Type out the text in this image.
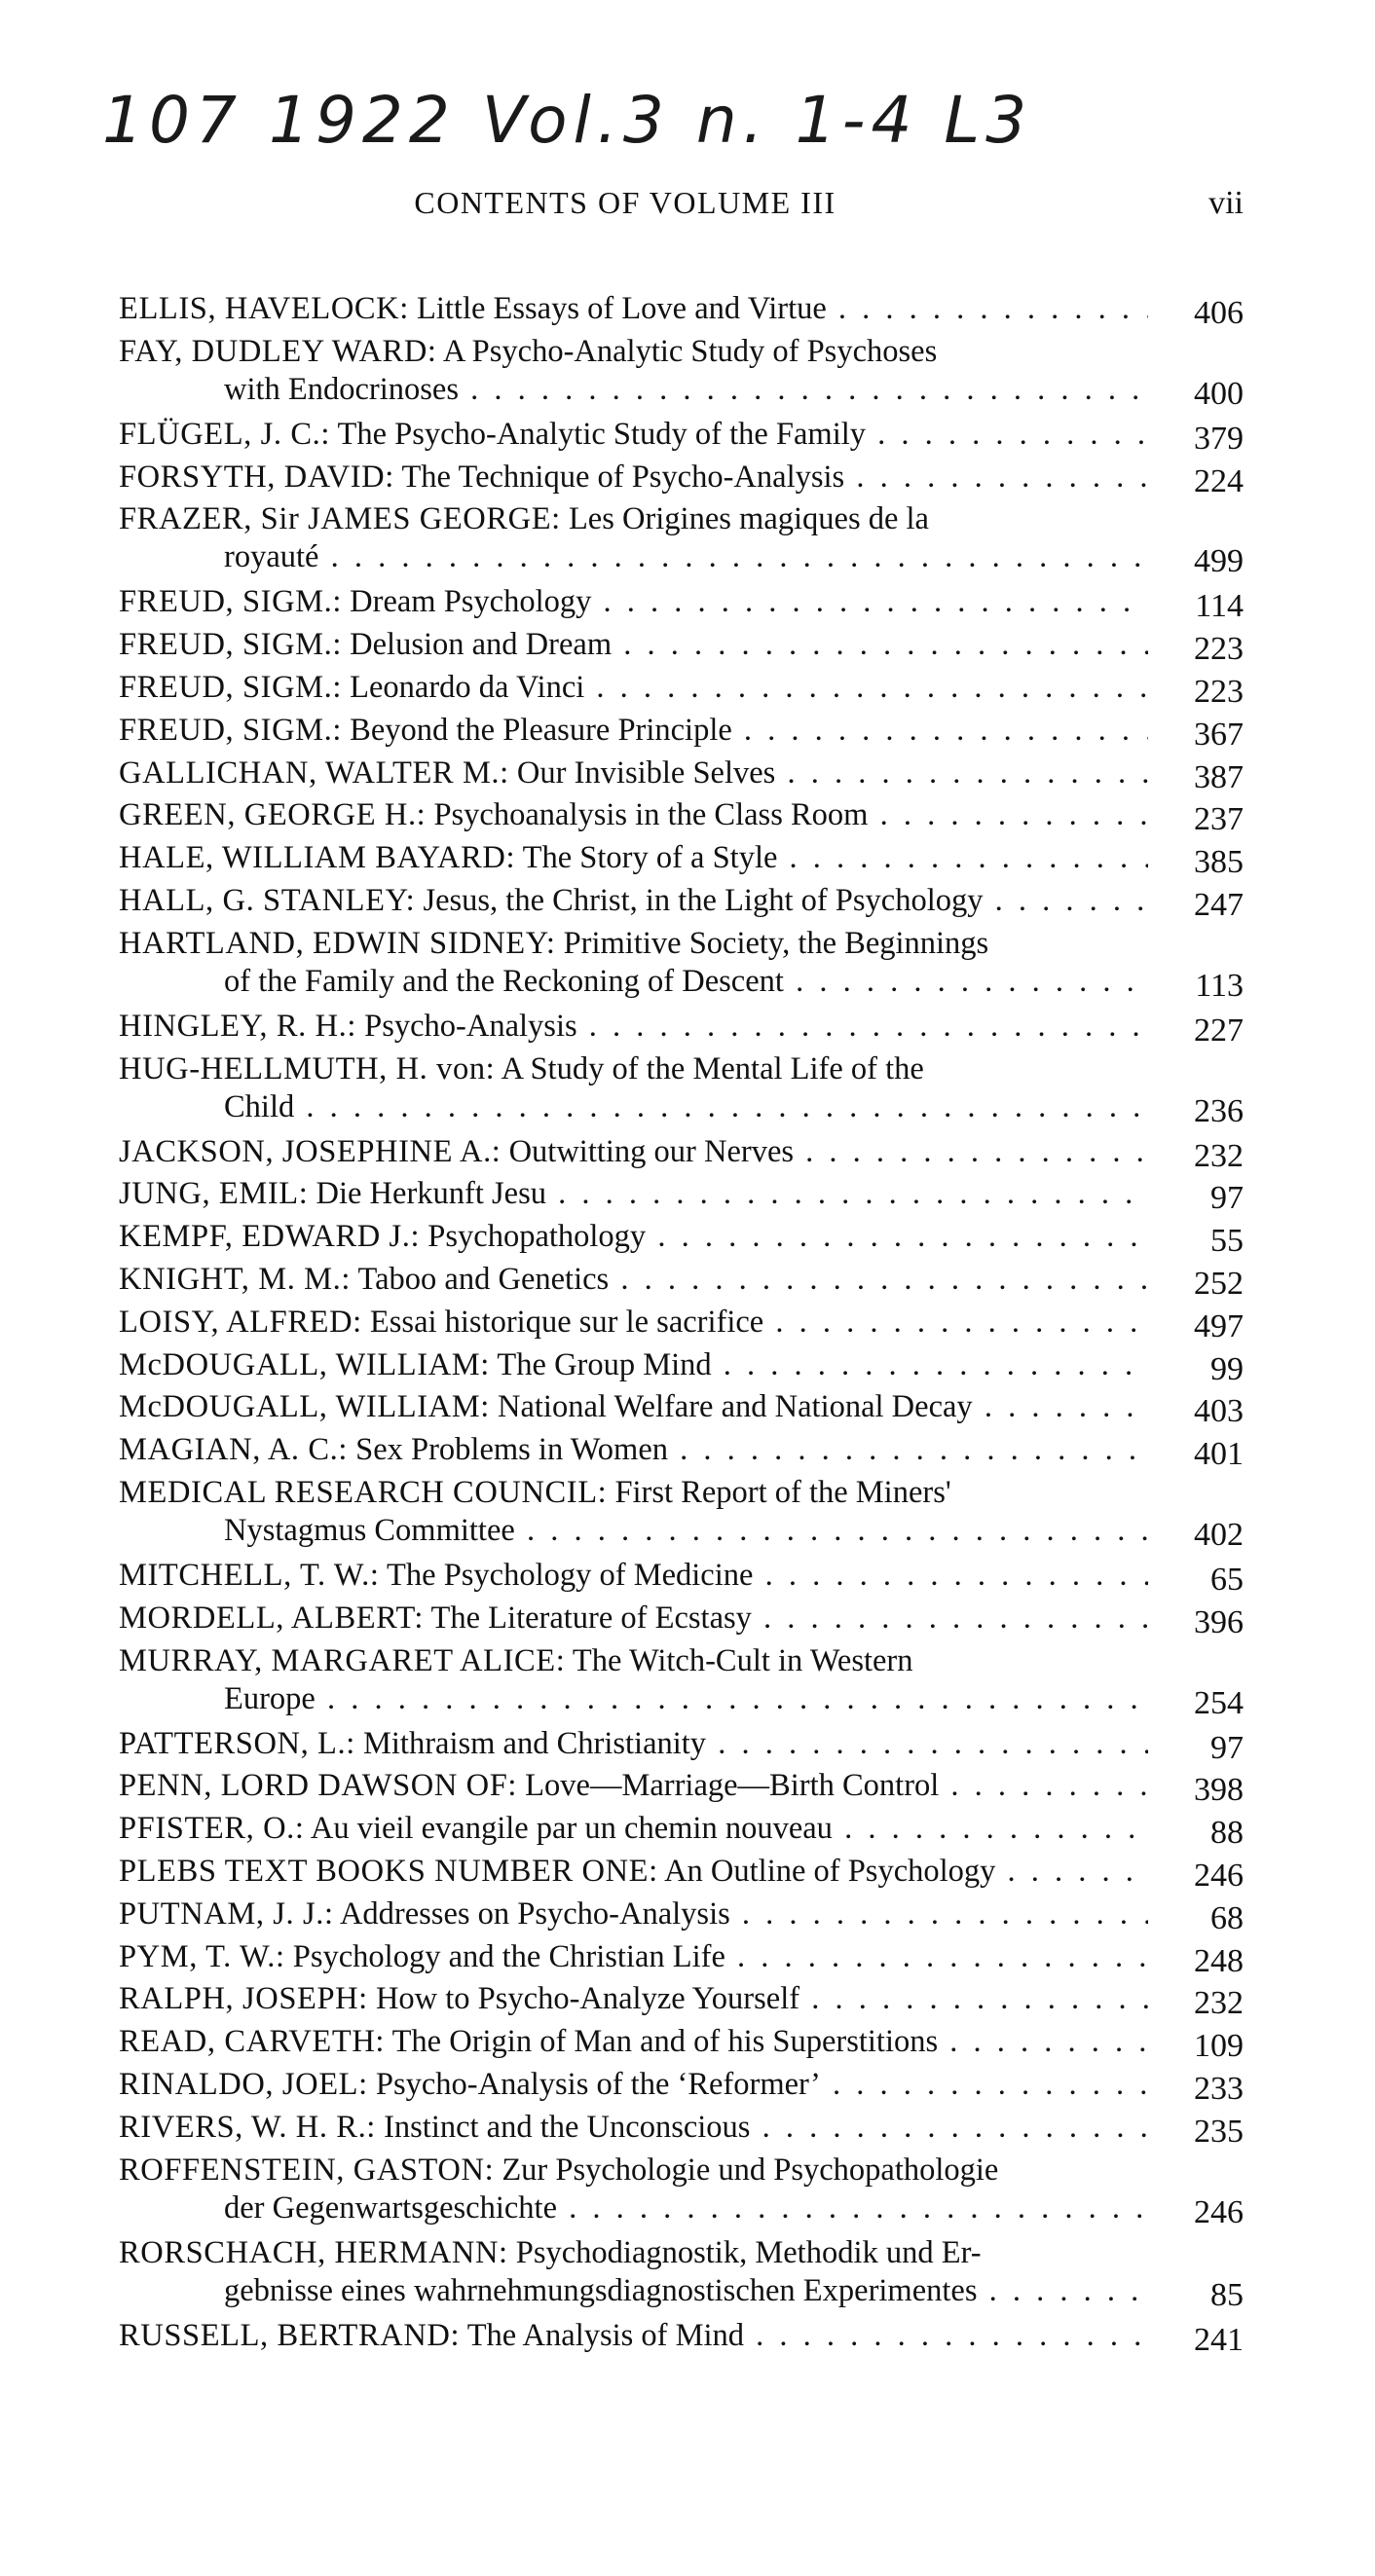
107 1922 Vol.3 n. 1-4 L3
CONTENTS OF VOLUME III	vii
ELLIS, HAVELOCK: Little Essays of Love and Virtue . . .	406
FAY, DUDLEY WARD: A Psycho-Analytic Study of Psychoses
with Endocrinoses . . .	400
FLÜGEL, J. C.: The Psycho-Analytic Study of the Family . . .	379
FORSYTH, DAVID: The Technique of Psycho-Analysis . . .	224
FRAZER, Sir JAMES GEORGE: Les Origines magiques de la
royauté . . .	499
FREUD, SIGM.: Dream Psychology . . .	114
FREUD, SIGM.: Delusion and Dream . . .	223
FREUD, SIGM.: Leonardo da Vinci . . .	223
FREUD, SIGM.: Beyond the Pleasure Principle . . .	367
GALLICHAN, WALTER M.: Our Invisible Selves . . .	387
GREEN, GEORGE H.: Psychoanalysis in the Class Room . . .	237
HALE, WILLIAM BAYARD: The Story of a Style . . .	385
HALL, G. STANLEY: Jesus, the Christ, in the Light of Psychology . . .	247
HARTLAND, EDWIN SIDNEY: Primitive Society, the Beginnings
of the Family and the Reckoning of Descent . . .	113
HINGLEY, R. H.: Psycho-Analysis . . .	227
HUG-HELLMUTH, H. von: A Study of the Mental Life of the
Child . . .	236
JACKSON, JOSEPHINE A.: Outwitting our Nerves . . .	232
JUNG, EMIL: Die Herkunft Jesu . . .	97
KEMPF, EDWARD J.: Psychopathology . . .	55
KNIGHT, M. M.: Taboo and Genetics . . .	252
LOISY, ALFRED: Essai historique sur le sacrifice . . .	497
McDOUGALL, WILLIAM: The Group Mind . . .	99
McDOUGALL, WILLIAM: National Welfare and National Decay . . .	403
MAGIAN, A. C.: Sex Problems in Women . . .	401
MEDICAL RESEARCH COUNCIL: First Report of the Miners'
Nystagmus Committee . . .	402
MITCHELL, T. W.: The Psychology of Medicine . . .	65
MORDELL, ALBERT: The Literature of Ecstasy . . .	396
MURRAY, MARGARET ALICE: The Witch-Cult in Western
Europe . . .	254
PATTERSON, L.: Mithraism and Christianity . . .	97
PENN, LORD DAWSON OF: Love—Marriage—Birth Control . . .	398
PFISTER, O.: Au vieil evangile par un chemin nouveau . . .	88
PLEBS TEXT BOOKS NUMBER ONE: An Outline of Psychology . . .	246
PUTNAM, J. J.: Addresses on Psycho-Analysis . . .	68
PYM, T. W.: Psychology and the Christian Life . . .	248
RALPH, JOSEPH: How to Psycho-Analyze Yourself . . .	232
READ, CARVETH: The Origin of Man and of his Superstitions . . .	109
RINALDO, JOEL: Psycho-Analysis of the ‘Reformer’ . . .	233
RIVERS, W. H. R.: Instinct and the Unconscious . . .	235
ROFFENSTEIN, GASTON: Zur Psychologie und Psychopathologie
der Gegenwartsgeschichte . . .	246
RORSCHACH, HERMANN: Psychodiagnostik, Methodik und Er-
gebnisse eines wahrnehmungsdiagnostischen Experimentes . . .	85
RUSSELL, BERTRAND: The Analysis of Mind . . .	241
